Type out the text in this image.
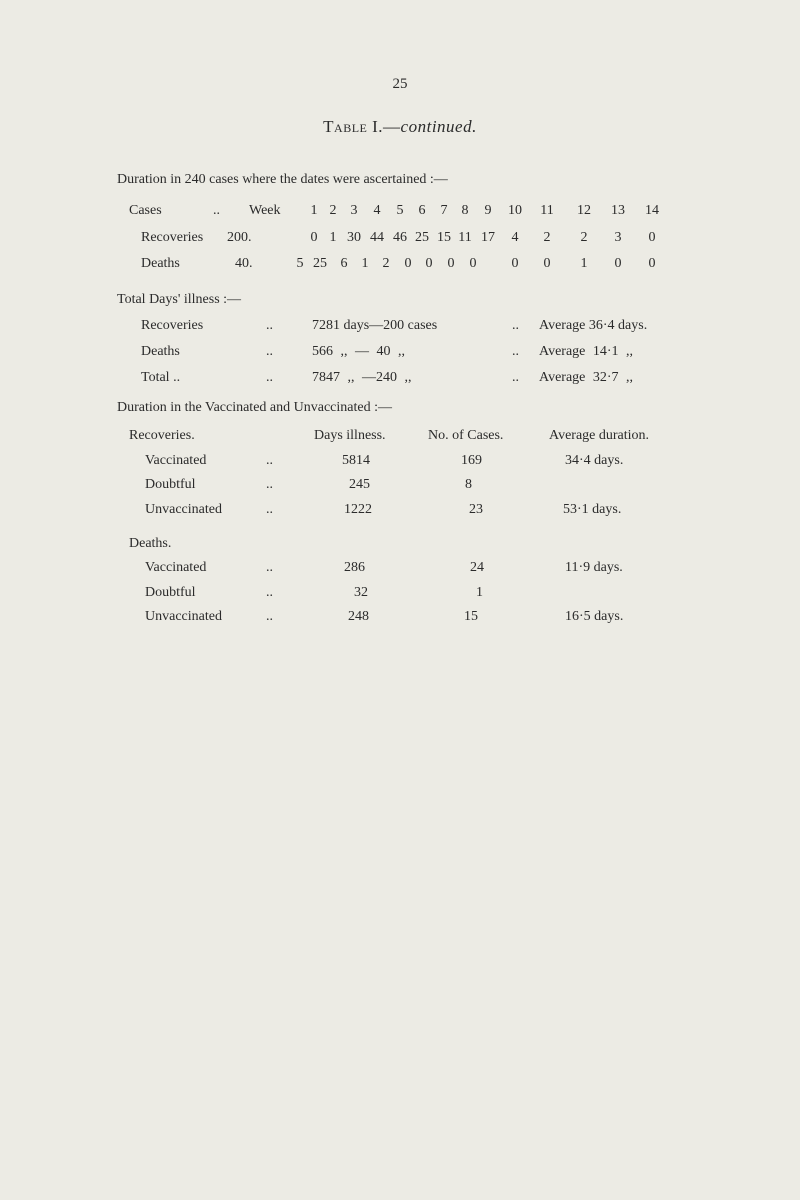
25
Table I.—continued.
Duration in 240 cases where the dates were ascertained :—
Cases	.. Week	1 2	3	4	5	6	7	8	9	10	11	12	13	14
Recoveries 200.	0 1 30 44 46 25 15 11 17	4	2	2	3	0
Deaths	40.	5 25 6	1	2	0	0	0	0	0	0	1	0	0
Total Days' illness :—
Recoveries	..	7281 days—200 cases	.. Average 36·4 days.
Deaths	..	566 ,, — 40 ,,	.. Average 14·1 ,,
Total ..	..	7847 ,, —240 ,,	.. Average 32·7 ,,
Duration in the Vaccinated and Unvaccinated :—
Recoveries.	Days illness.	No. of Cases.	Average duration.
Vaccinated	..	5814	169	34·4 days.
Doubtful	..	245	8
Unvaccinated	..	1222	23	53·1 days.
Deaths.
Vaccinated	..	286	24	11·9 days.
Doubtful	..	32	1
Unvaccinated	..	248	15	16·5 days.
